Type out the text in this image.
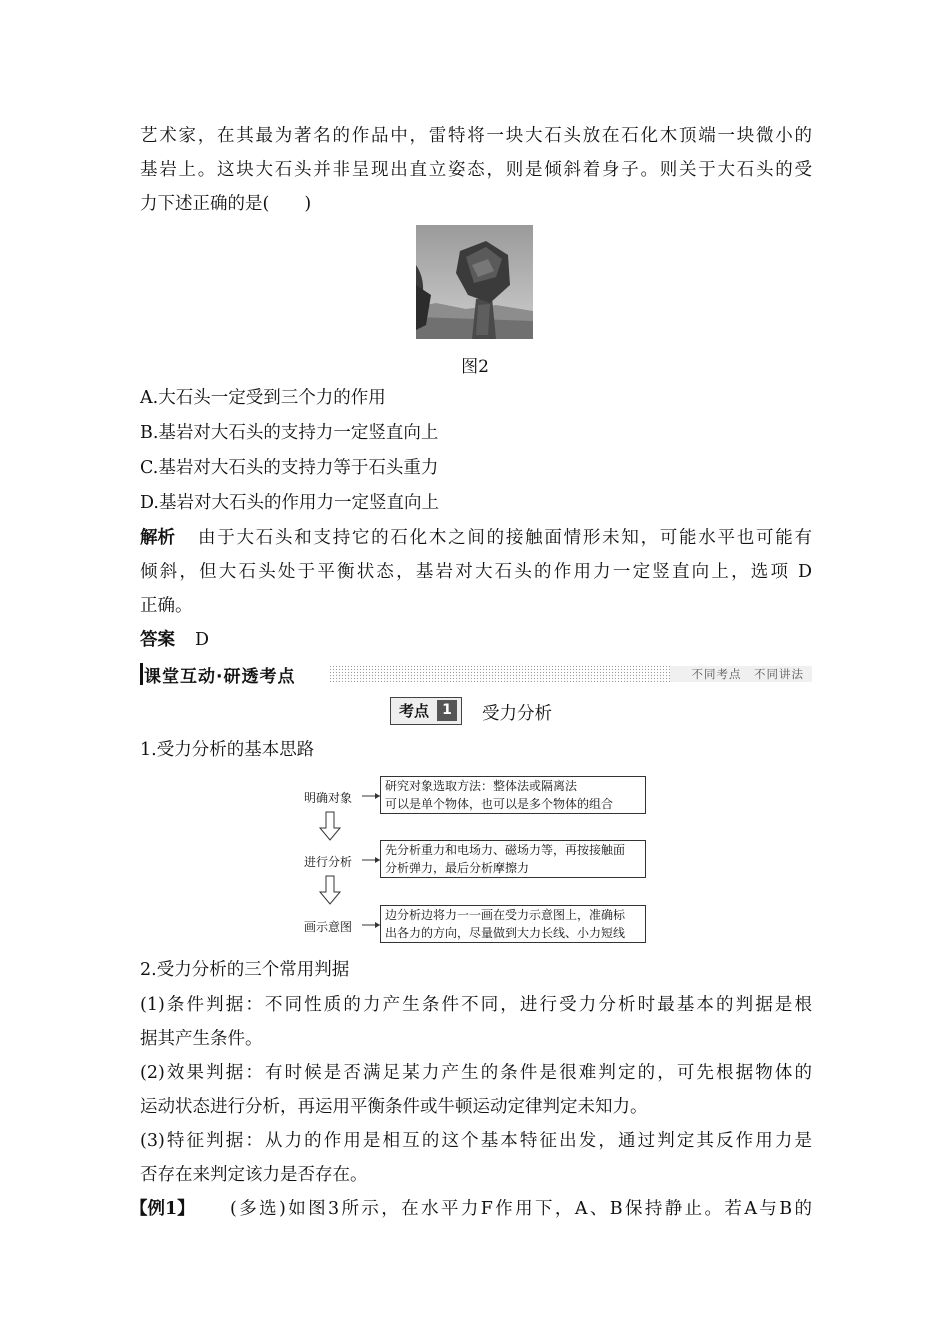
艺术家，在其最为著名的作品中，雷特将一块大石头放在石化木顶端一块微小的
基岩上。这块大石头并非呈现出直立姿态，则是倾斜着身子。则关于大石头的受
力下述正确的是(　　)
图2
A.大石头一定受到三个力的作用
B.基岩对大石头的支持力一定竖直向上
C.基岩对大石头的支持力等于石头重力
D.基岩对大石头的作用力一定竖直向上
解析	由于大石头和支持它的石化木之间的接触面情形未知，可能水平也可能有
倾斜，但大石头处于平衡状态，基岩对大石头的作用力一定竖直向上，选项 D
正确。
答案 D
课堂互动·研透考点	不同考点　不同讲法
考点 1 受力分析
1.受力分析的基本思路
明确对象
研究对象选取方法：整体法或隔离法
可以是单个物体，也可以是多个物体的组合
进行分析
先分析重力和电场力、磁场力等，再按接触面
分析弹力，最后分析摩擦力
画示意图
边分析边将力一一画在受力示意图上，准确标
出各力的方向，尽量做到大力长线、小力短线
2.受力分析的三个常用判据
(1)条件判据：不同性质的力产生条件不同，进行受力分析时最基本的判据是根
据其产生条件。
(2)效果判据：有时候是否满足某力产生的条件是很难判定的，可先根据物体的
运动状态进行分析，再运用平衡条件或牛顿运动定律判定未知力。
(3)特征判据：从力的作用是相互的这个基本特征出发，通过判定其反作用力是
否存在来判定该力是否存在。
【例1】	(多选)如图3所示，在水平力F作用下，A、B保持静止。若A与B的
